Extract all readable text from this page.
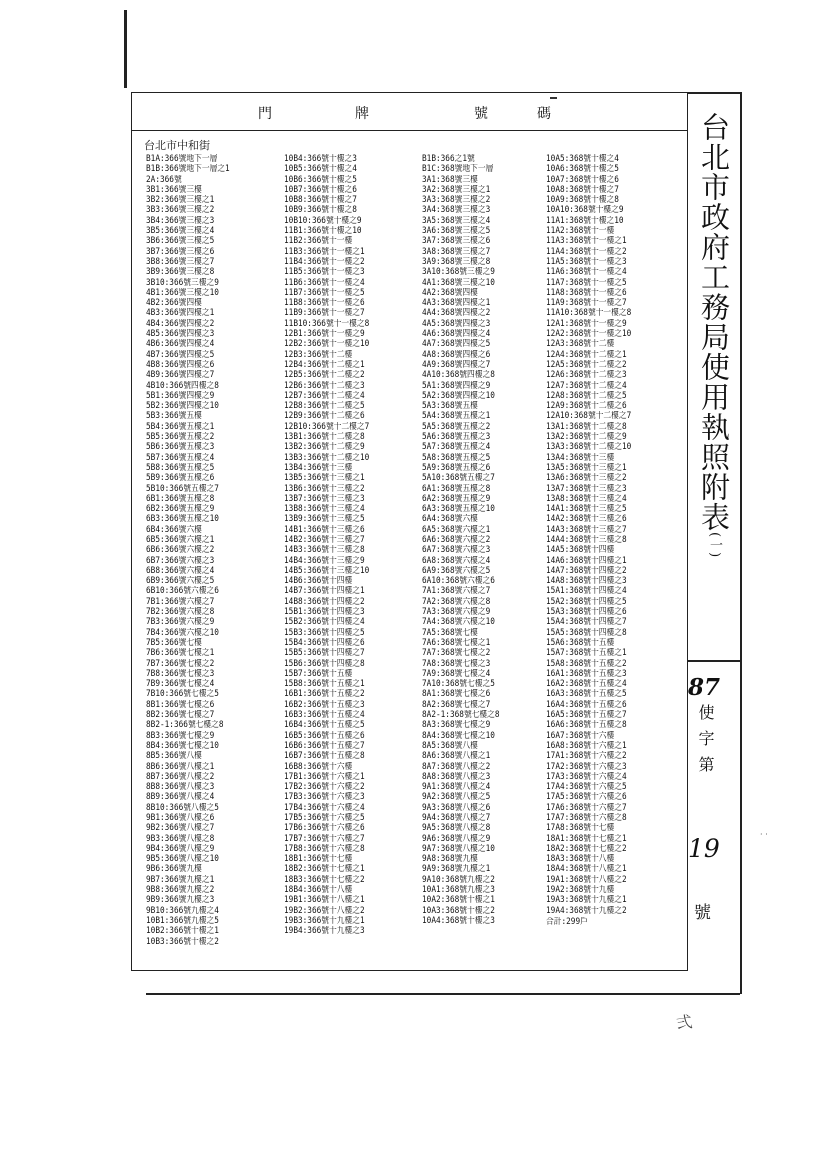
門	牌	號	碼
台北市中和街
B1A:366號地下一層
B1B:366號地下一層之1
2A:366號
3B1:366號三樓
3B2:366號三樓之1
3B3:366號三樓之2
3B4:366號三樓之3
3B5:366號三樓之4
3B6:366號三樓之5
3B7:366號三樓之6
3B8:366號三樓之7
3B9:366號三樓之8
3B10:366號三樓之9
4B1:366號三樓之10
4B2:366號四樓
4B3:366號四樓之1
4B4:366號四樓之2
4B5:366號四樓之3
4B6:366號四樓之4
4B7:366號四樓之5
4B8:366號四樓之6
4B9:366號四樓之7
4B10:366號四樓之8
5B1:366號四樓之9
5B2:366號四樓之10
5B3:366號五樓
5B4:366號五樓之1
5B5:366號五樓之2
5B6:366號五樓之3
5B7:366號五樓之4
5B8:366號五樓之5
5B9:366號五樓之6
5B10:366號五樓之7
6B1:366號五樓之8
6B2:366號五樓之9
6B3:366號五樓之10
6B4:366號六樓
6B5:366號六樓之1
6B6:366號六樓之2
6B7:366號六樓之3
6B8:366號六樓之4
6B9:366號六樓之5
6B10:366號六樓之6
7B1:366號六樓之7
7B2:366號六樓之8
7B3:366號六樓之9
7B4:366號六樓之10
7B5:366號七樓
7B6:366號七樓之1
7B7:366號七樓之2
7B8:366號七樓之3
7B9:366號七樓之4
7B10:366號七樓之5
8B1:366號七樓之6
8B2:366號七樓之7
8B2-1:366號七樓之8
8B3:366號七樓之9
8B4:366號七樓之10
8B5:366號八樓
8B6:366號八樓之1
8B7:366號八樓之2
8B8:366號八樓之3
8B9:366號八樓之4
8B10:366號八樓之5
9B1:366號八樓之6
9B2:366號八樓之7
9B3:366號八樓之8
9B4:366號八樓之9
9B5:366號八樓之10
9B6:366號九樓
9B7:366號九樓之1
9B8:366號九樓之2
9B9:366號九樓之3
9B10:366號九樓之4
10B1:366號九樓之5
10B2:366號十樓之1
10B3:366號十樓之2
10B4:366號十樓之3
10B5:366號十樓之4
10B6:366號十樓之5
10B7:366號十樓之6
10B8:366號十樓之7
10B9:366號十樓之8
10B10:366號十樓之9
11B1:366號十樓之10
11B2:366號十一樓
11B3:366號十一樓之1
11B4:366號十一樓之2
11B5:366號十一樓之3
11B6:366號十一樓之4
11B7:366號十一樓之5
11B8:366號十一樓之6
11B9:366號十一樓之7
11B10:366號十一樓之8
12B1:366號十一樓之9
12B2:366號十一樓之10
12B3:366號十二樓
12B4:366號十二樓之1
12B5:366號十二樓之2
12B6:366號十二樓之3
12B7:366號十二樓之4
12B8:366號十二樓之5
12B9:366號十二樓之6
12B10:366號十二樓之7
13B1:366號十二樓之8
13B2:366號十二樓之9
13B3:366號十二樓之10
13B4:366號十三樓
13B5:366號十三樓之1
13B6:366號十三樓之2
13B7:366號十三樓之3
13B8:366號十三樓之4
13B9:366號十三樓之5
14B1:366號十三樓之6
14B2:366號十三樓之7
14B3:366號十三樓之8
14B4:366號十三樓之9
14B5:366號十三樓之10
14B6:366號十四樓
14B7:366號十四樓之1
14B8:366號十四樓之2
15B1:366號十四樓之3
15B2:366號十四樓之4
15B3:366號十四樓之5
15B4:366號十四樓之6
15B5:366號十四樓之7
15B6:366號十四樓之8
15B7:366號十五樓
15B8:366號十五樓之1
16B1:366號十五樓之2
16B2:366號十五樓之3
16B3:366號十五樓之4
16B4:366號十五樓之5
16B5:366號十五樓之6
16B6:366號十五樓之7
16B7:366號十五樓之8
16B8:366號十六樓
17B1:366號十六樓之1
17B2:366號十六樓之2
17B3:366號十六樓之3
17B4:366號十六樓之4
17B5:366號十六樓之5
17B6:366號十六樓之6
17B7:366號十六樓之7
17B8:366號十六樓之8
18B1:366號十七樓
18B2:366號十七樓之1
18B3:366號十七樓之2
18B4:366號十八樓
19B1:366號十八樓之1
19B2:366號十八樓之2
19B3:366號十九樓之1
19B4:366號十九樓之3
B1B:366之1號
B1C:368號地下一層
3A1:368號三樓
3A2:368號三樓之1
3A3:368號三樓之2
3A4:368號三樓之3
3A5:368號三樓之4
3A6:368號三樓之5
3A7:368號三樓之6
3A8:368號三樓之7
3A9:368號三樓之8
3A10:368號三樓之9
4A1:368號三樓之10
4A2:368號四樓
4A3:368號四樓之1
4A4:368號四樓之2
4A5:368號四樓之3
4A6:368號四樓之4
4A7:368號四樓之5
4A8:368號四樓之6
4A9:368號四樓之7
4A10:368號四樓之8
5A1:368號四樓之9
5A2:368號四樓之10
5A3:368號五樓
5A4:368號五樓之1
5A5:368號五樓之2
5A6:368號五樓之3
5A7:368號五樓之4
5A8:368號五樓之5
5A9:368號五樓之6
5A10:368號五樓之7
6A1:368號五樓之8
6A2:368號五樓之9
6A3:368號五樓之10
6A4:368號六樓
6A5:368號六樓之1
6A6:368號六樓之2
6A7:368號六樓之3
6A8:368號六樓之4
6A9:368號六樓之5
6A10:368號六樓之6
7A1:368號六樓之7
7A2:368號六樓之8
7A3:368號六樓之9
7A4:368號六樓之10
7A5:368號七樓
7A6:368號七樓之1
7A7:368號七樓之2
7A8:368號七樓之3
7A9:368號七樓之4
7A10:368號七樓之5
8A1:368號七樓之6
8A2:368號七樓之7
8A2-1:368號七樓之8
8A3:368號七樓之9
8A4:368號七樓之10
8A5:368號八樓
8A6:368號八樓之1
8A7:368號八樓之2
8A8:368號八樓之3
9A1:368號八樓之4
9A2:368號八樓之5
9A3:368號八樓之6
9A4:368號八樓之7
9A5:368號八樓之8
9A6:368號八樓之9
9A7:368號八樓之10
9A8:368號九樓
9A9:368號九樓之1
9A10:368號九樓之2
10A1:368號九樓之3
10A2:368號十樓之1
10A3:368號十樓之2
10A4:368號十樓之3
10A5:368號十樓之4
10A6:368號十樓之5
10A7:368號十樓之6
10A8:368號十樓之7
10A9:368號十樓之8
10A10:368號十樓之9
11A1:368號十樓之10
11A2:368號十一樓
11A3:368號十一樓之1
11A4:368號十一樓之2
11A5:368號十一樓之3
11A6:368號十一樓之4
11A7:368號十一樓之5
11A8:368號十一樓之6
11A9:368號十一樓之7
11A10:368號十一樓之8
12A1:368號十一樓之9
12A2:368號十一樓之10
12A3:368號十二樓
12A4:368號十二樓之1
12A5:368號十二樓之2
12A6:368號十二樓之3
12A7:368號十二樓之4
12A8:368號十二樓之5
12A9:368號十二樓之6
12A10:368號十二樓之7
13A1:368號十二樓之8
13A2:368號十二樓之9
13A3:368號十二樓之10
13A4:368號十三樓
13A5:368號十三樓之1
13A6:368號十三樓之2
13A7:368號十三樓之3
13A8:368號十三樓之4
14A1:368號十三樓之5
14A2:368號十三樓之6
14A3:368號十三樓之7
14A4:368號十三樓之8
14A5:368號十四樓
14A6:368號十四樓之1
14A7:368號十四樓之2
14A8:368號十四樓之3
15A1:368號十四樓之4
15A2:368號十四樓之5
15A3:368號十四樓之6
15A4:368號十四樓之7
15A5:368號十四樓之8
15A6:368號十五樓
15A7:368號十五樓之1
15A8:368號十五樓之2
16A1:368號十五樓之3
16A2:368號十五樓之4
16A3:368號十五樓之5
16A4:368號十五樓之6
16A5:368號十五樓之7
16A6:368號十五樓之8
16A7:368號十六樓
16A8:368號十六樓之1
17A1:368號十六樓之2
17A2:368號十六樓之3
17A3:368號十六樓之4
17A4:368號十六樓之5
17A5:368號十六樓之6
17A6:368號十六樓之7
17A7:368號十六樓之8
17A8:368號十七樓
18A1:368號十七樓之1
18A2:368號十七樓之2
18A3:368號十八樓
18A4:368號十八樓之1
19A1:368號十八樓之2
19A2:368號十九樓
19A3:368號十九樓之1
19A4:368號十九樓之2
合計:299戶
台北市政府工務局使用執照附表(一)
87
使字第
19
號
弍
· ·
